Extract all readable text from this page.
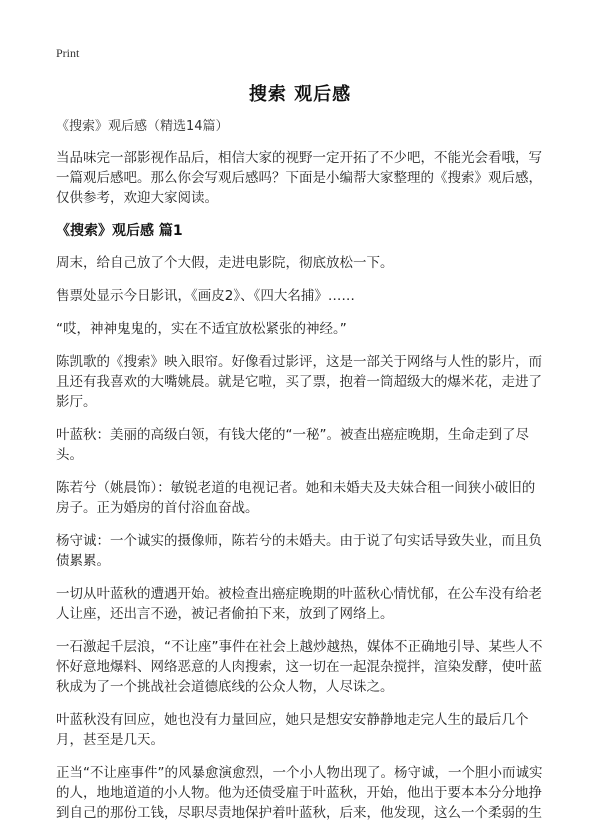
Print
搜索 观后感
《搜索》观后感（精选14篇）

当品味完一部影视作品后，相信大家的视野一定开拓了不少吧，不能光会看哦，写一篇观后感吧。那么你会写观后感吗？下面是小编帮大家整理的《搜索》观后感，仅供参考，欢迎大家阅读。

《搜索》观后感 篇1

周末，给自己放了个大假，走进电影院，彻底放松一下。

售票处显示今日影讯，《画皮2》、《四大名捕》……

“哎，神神鬼鬼的，实在不适宜放松紧张的神经。”

陈凯歌的《搜索》映入眼帘。好像看过影评，这是一部关于网络与人性的影片，而且还有我喜欢的大嘴姚晨。就是它啦，买了票，抱着一筒超级大的爆米花，走进了影厅。

叶蓝秋：美丽的高级白领，有钱大佬的“一秘”。被查出癌症晚期，生命走到了尽头。

陈若兮（姚晨饰）：敏锐老道的电视记者。她和未婚夫及夫妹合租一间狭小破旧的房子。正为婚房的首付浴血奋战。

杨守诚：一个诚实的摄像师，陈若兮的未婚夫。由于说了句实话导致失业，而且负债累累。

一切从叶蓝秋的遭遇开始。被检查出癌症晚期的叶蓝秋心情忧郁，在公车没有给老人让座，还出言不逊，被记者偷拍下来，放到了网络上。

一石激起千层浪，“不让座”事件在社会上越炒越热，媒体不正确地引导、某些人不怀好意地爆料、网络恶意的人肉搜索，这一切在一起混杂搅拌，渲染发酵，使叶蓝秋成为了一个挑战社会道德底线的公众人物，人尽诛之。

叶蓝秋没有回应，她也没有力量回应，她只是想安安静静地走完人生的最后几个月，甚至是几天。

正当“不让座事件”的风暴愈演愈烈，一个小人物出现了。杨守诚，一个胆小而诚实的人，地地道道的小人物。他为还债受雇于叶蓝秋，开始，他出于要本本分分地挣到自己的那份工钱，尽职尽责地保护着叶蓝秋，后来，他发现，这么一个柔弱的生
